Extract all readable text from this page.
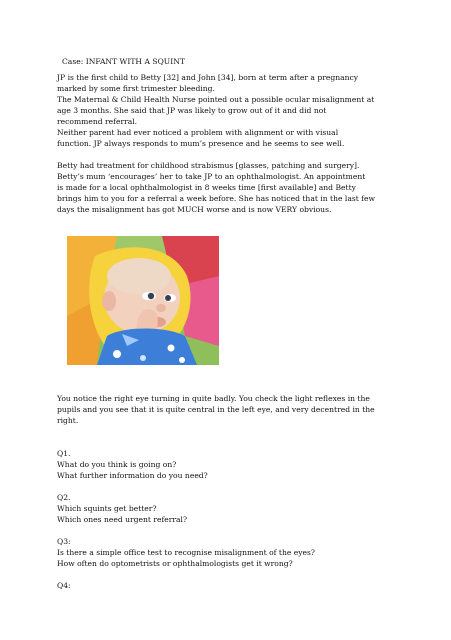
Case: INFANT WITH A SQUINT
JP is the first child to Betty [32] and John [34], born at term after a pregnancy
marked by some first trimester bleeding.
The Maternal & Child Health Nurse pointed out a possible ocular misalignment at
age 3 months. She said that JP was likely to grow out of it and did not
recommend referral.
Neither parent had ever noticed a problem with alignment or with visual
function. JP always responds to mum’s presence and he seems to see well.
Betty had treatment for childhood strabismus [glasses, patching and surgery].
Betty’s mum ‘encourages’ her to take JP to an ophthalmologist. An appointment
is made for a local ophthalmologist in 8 weeks time [first available] and Betty
brings him to you for a referral a week before. She has noticed that in the last few
days the misalignment has got MUCH worse and is now VERY obvious.
You notice the right eye turning in quite badly. You check the light reflexes in the
pupils and you see that it is quite central in the left eye, and very decentred in the
right.
Q1.
What do you think is going on?
What further information do you need?
Q2.
Which squints get better?
Which ones need urgent referral?
Q3:
Is there a simple office test to recognise misalignment of the eyes?
How often do optometrists or ophthalmologists get it wrong?
Q4:
